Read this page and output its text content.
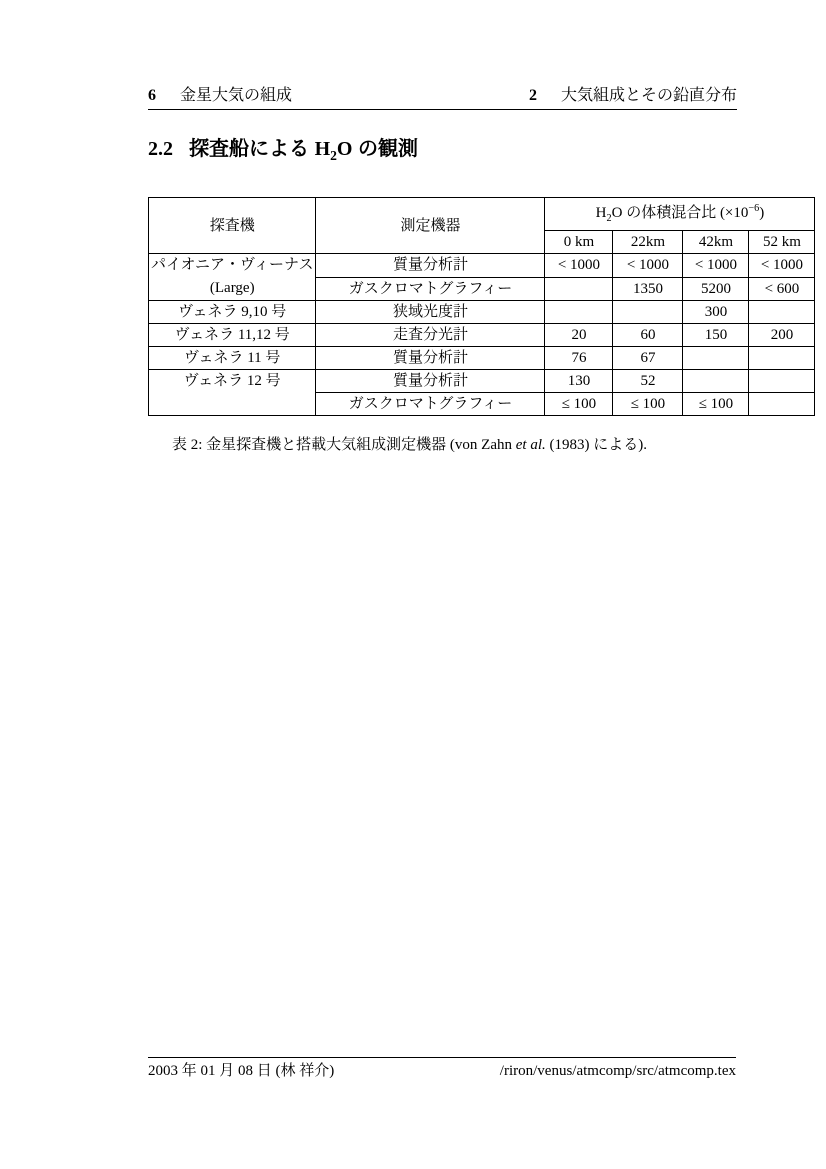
6 金星大気の組成	2 大気組成とその鉛直分布
2.2 探査船による $H_2O$ の観測
探査機	測定機器	$H_2O$ の体積混合比 $(\times 10^{-6})$			
		0 km	22km	42km	52 km

パイオニア・ヴィーナス
(Large)	質量分析計	< 1000	< 1000	< 1000	< 1000
	ガスクロマトグラフィー		1350	5200	< 600
ヴェネラ 9,10 号	狭域光度計			300	
ヴェネラ 11,12 号	走査分光計	20	60	150	200
ヴェネラ 11 号	質量分析計	76	67		
ヴェネラ 12 号	質量分析計	130	52		
	ガスクロマトグラフィー	≤ 100	≤ 100	≤ 100	
表 2: 金星探査機と搭載大気組成測定機器 (von Zahn et al. (1983) による).
2003 年 01 月 08 日 (林 祥介)	/riron/venus/atmcomp/src/atmcomp.tex
